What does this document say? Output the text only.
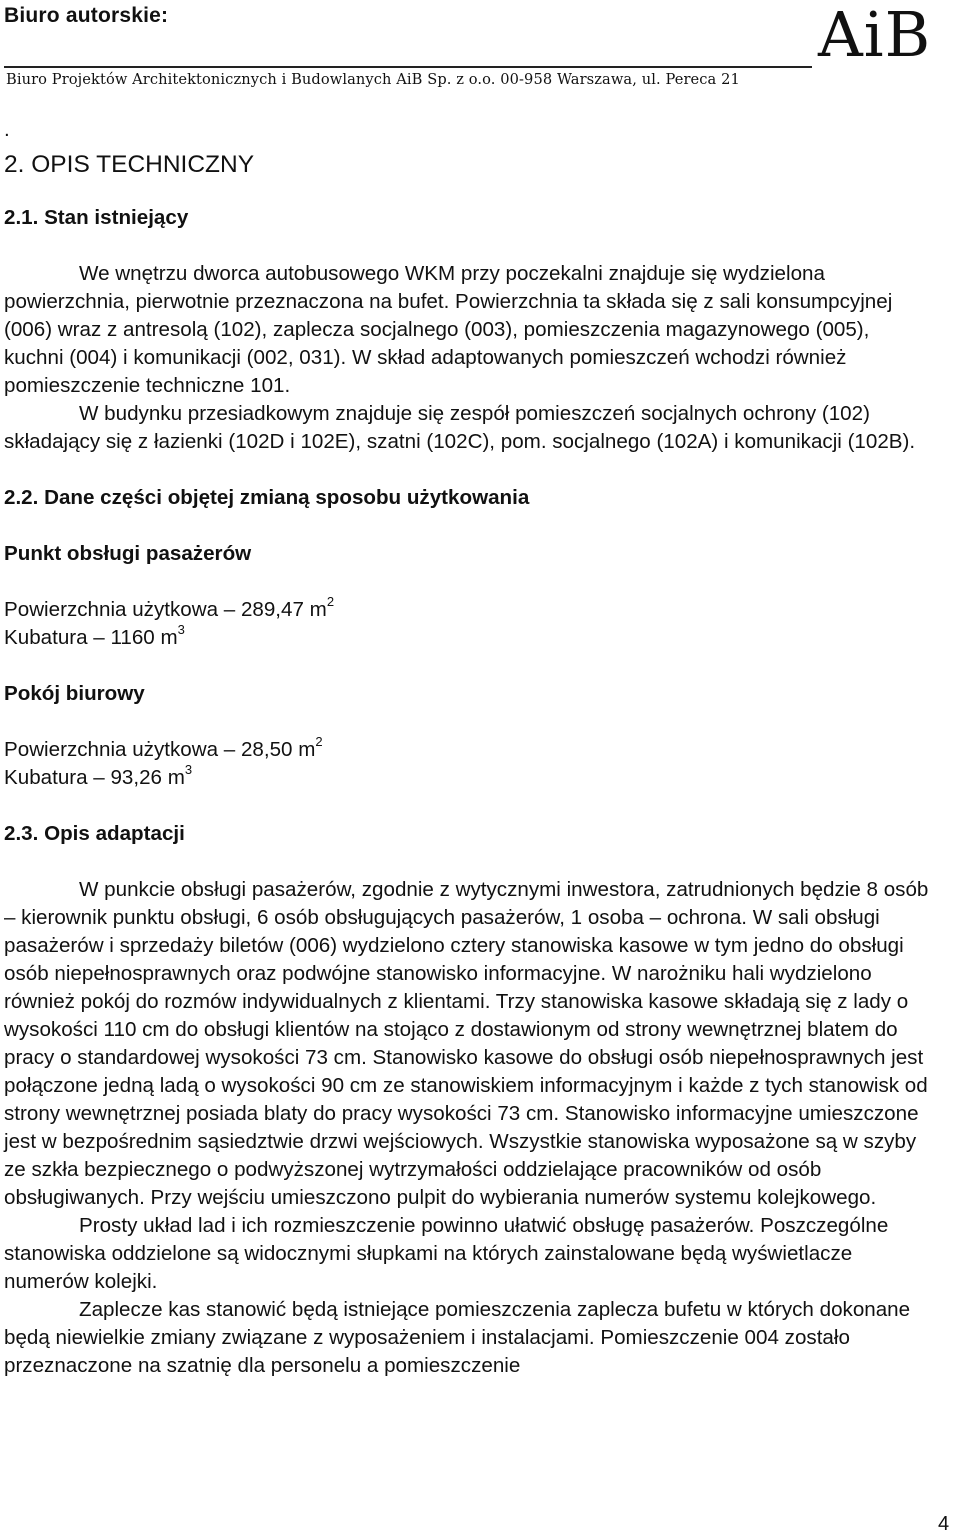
Biuro autorskie:	AiB
Biuro Projektów Architektonicznych i Budowlanych AiB Sp. z o.o. 00-958 Warszawa, ul. Pereca 21

.

2. OPIS TECHNICZNY
2.1. Stan istniejący

We wnętrzu dworca autobusowego WKM przy poczekalni znajduje się wydzielona powierzchnia, pierwotnie przeznaczona na bufet. Powierzchnia ta składa się z sali konsumpcyjnej (006) wraz z antresolą (102), zaplecza socjalnego (003), pomieszczenia magazynowego (005), kuchni (004) i komunikacji (002, 031). W skład adaptowanych pomieszczeń wchodzi również pomieszczenie techniczne 101.

W budynku przesiadkowym znajduje się zespół pomieszczeń socjalnych ochrony (102) składający się z łazienki (102D i 102E), szatni (102C), pom. socjalnego (102A) i komunikacji (102B).

2.2. Dane części objętej zmianą sposobu użytkowania
Punkt obsługi pasażerów

Powierzchnia użytkowa – 289,47 $m^2$

Kubatura – 1160 $m^3$

Pokój biurowy

Powierzchnia użytkowa – 28,50 $m^2$

Kubatura – 93,26 $m^3$

2.3. Opis adaptacji

W punkcie obsługi pasażerów, zgodnie z wytycznymi inwestora, zatrudnionych będzie 8 osób – kierownik punktu obsługi, 6 osób obsługujących pasażerów, 1 osoba – ochrona. W sali obsługi pasażerów i sprzedaży biletów (006) wydzielono cztery stanowiska kasowe w tym jedno do obsługi osób niepełnosprawnych oraz podwójne stanowisko informacyjne. W narożniku hali wydzielono również pokój do rozmów indywidualnych z klientami. Trzy stanowiska kasowe składają się z lady o wysokości 110 cm do obsługi klientów na stojąco z dostawionym od strony wewnętrznej blatem do pracy o standardowej wysokości 73 cm. Stanowisko kasowe do obsługi osób niepełnosprawnych jest połączone jedną ladą o wysokości 90 cm ze stanowiskiem informacyjnym i każde z tych stanowisk od strony wewnętrznej posiada blaty do pracy wysokości 73 cm. Stanowisko informacyjne umieszczone jest w bezpośrednim sąsiedztwie drzwi wejściowych. Wszystkie stanowiska wyposażone są w szyby ze szkła bezpiecznego o podwyższonej wytrzymałości oddzielające pracowników od osób obsługiwanych. Przy wejściu umieszczono pulpit do wybierania numerów systemu kolejkowego.

Prosty układ lad i ich rozmieszczenie powinno ułatwić obsługę pasażerów. Poszczególne stanowiska oddzielone są widocznymi słupkami na których zainstalowane będą wyświetlacze numerów kolejki.

Zaplecze kas stanowić będą istniejące pomieszczenia zaplecza bufetu w których dokonane będą niewielkie zmiany związane z wyposażeniem i instalacjami. Pomieszczenie 004 zostało przeznaczone na szatnię dla personelu a pomieszczenie

4
